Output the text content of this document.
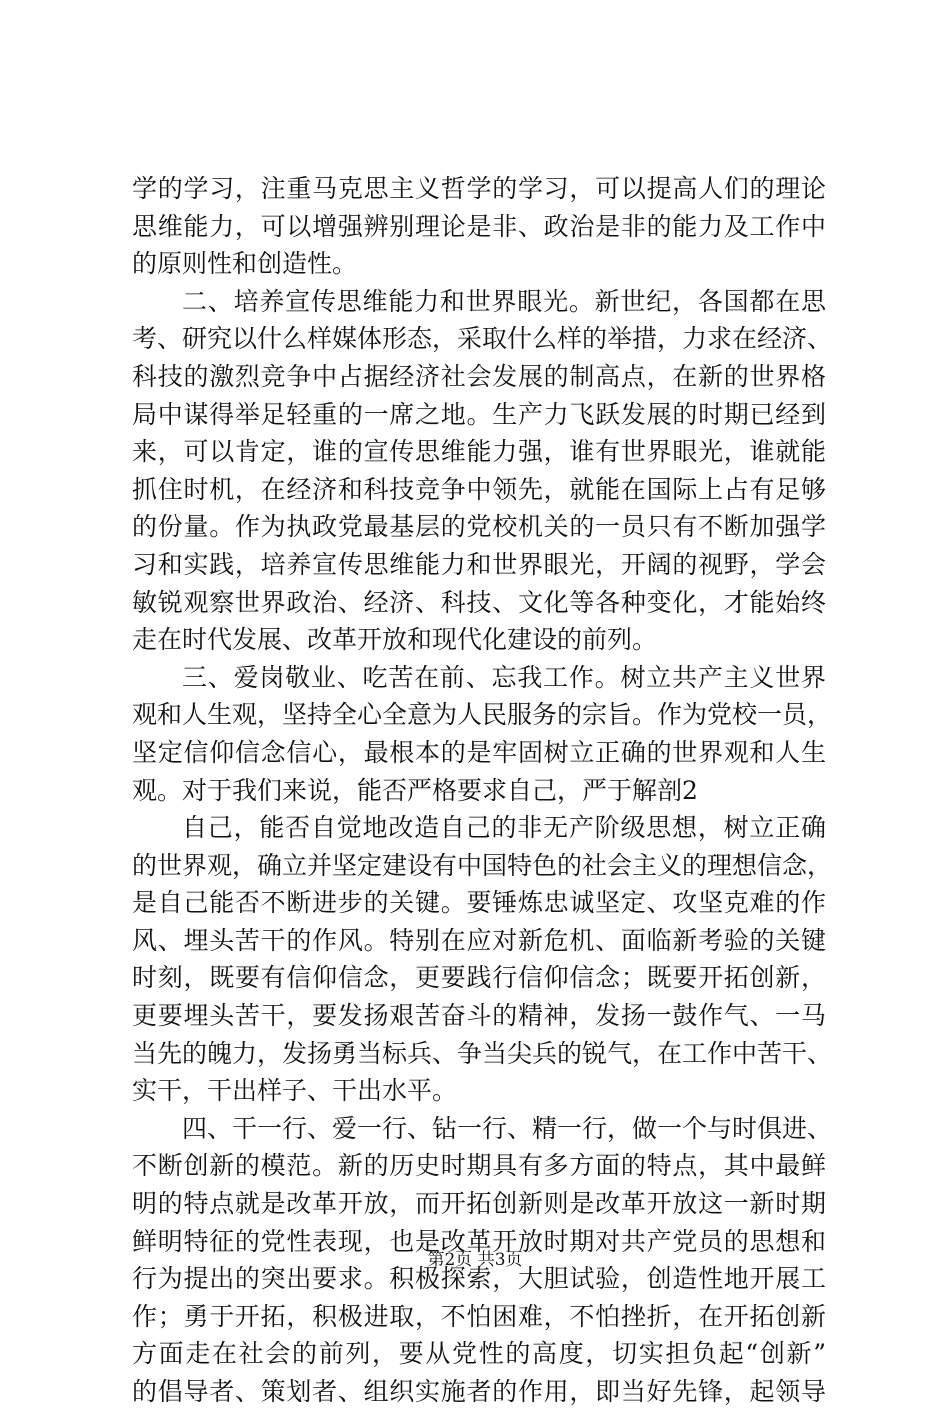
学的学习，注重马克思主义哲学的学习，可以提高人们的理论
思维能力，可以增强辨别理论是非、政治是非的能力及工作中
的原则性和创造性。
二、培养宣传思维能力和世界眼光。新世纪，各国都在思
考、研究以什么样媒体形态，采取什么样的举措，力求在经济、
科技的激烈竞争中占据经济社会发展的制高点，在新的世界格
局中谋得举足轻重的一席之地。生产力飞跃发展的时期已经到
来，可以肯定，谁的宣传思维能力强，谁有世界眼光，谁就能
抓住时机，在经济和科技竞争中领先，就能在国际上占有足够
的份量。作为执政党最基层的党校机关的一员只有不断加强学
习和实践，培养宣传思维能力和世界眼光，开阔的视野，学会
敏锐观察世界政治、经济、科技、文化等各种变化，才能始终
走在时代发展、改革开放和现代化建设的前列。
三、爱岗敬业、吃苦在前、忘我工作。树立共产主义世界
观和人生观，坚持全心全意为人民服务的宗旨。作为党校一员，
坚定信仰信念信心，最根本的是牢固树立正确的世界观和人生
观。对于我们来说，能否严格要求自己，严于解剖2
自己，能否自觉地改造自己的非无产阶级思想，树立正确
的世界观，确立并坚定建设有中国特色的社会主义的理想信念，
是自己能否不断进步的关键。要锤炼忠诚坚定、攻坚克难的作
风、埋头苦干的作风。特别在应对新危机、面临新考验的关键
时刻，既要有信仰信念，更要践行信仰信念；既要开拓创新，
更要埋头苦干，要发扬艰苦奋斗的精神，发扬一鼓作气、一马
当先的魄力，发扬勇当标兵、争当尖兵的锐气，在工作中苦干、
实干，干出样子、干出水平。
四、干一行、爱一行、钻一行、精一行，做一个与时俱进、
不断创新的模范。新的历史时期具有多方面的特点，其中最鲜
明的特点就是改革开放，而开拓创新则是改革开放这一新时期
鲜明特征的党性表现，也是改革开放时期对共产党员的思想和
行为提出的突出要求。积极探索，大胆试验，创造性地开展工
作；勇于开拓，积极进取，不怕困难，不怕挫折，在开拓创新
方面走在社会的前列，要从党性的高度，切实担负起“创新”
的倡导者、策划者、组织实施者的作用，即当好先锋，起领导
第2页 共3页
